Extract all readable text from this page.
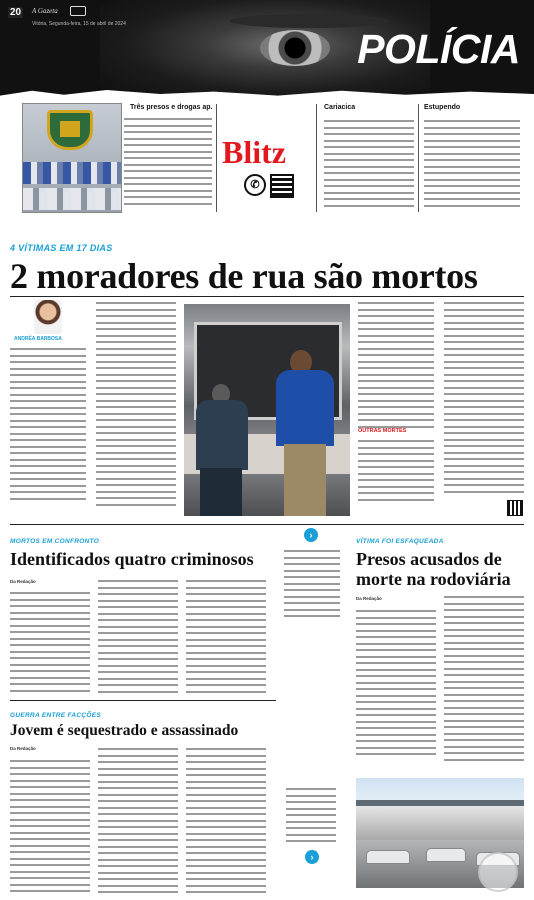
20 A Gazeta
Vitória, Segunda-feira, 15 de abril de 2024
POLÍCIA
Três presos e drogas ap.
Blitz
✆
Cariacica	Estupendo
4 VÍTIMAS EM 17 DIAS
2 moradores de rua são mortos
ANDRÉA BARBOSA
OUTRAS MORTES
MORTOS EM CONFRONTO
Identificados quatro criminosos
Da Redação
›
VÍTIMA FOI ESFAQUEADA
Presos acusados de
morte na rodoviária
Da Redação
GUERRA ENTRE FACÇÕES
Jovem é sequestrado e assassinado
Da Redação
›
